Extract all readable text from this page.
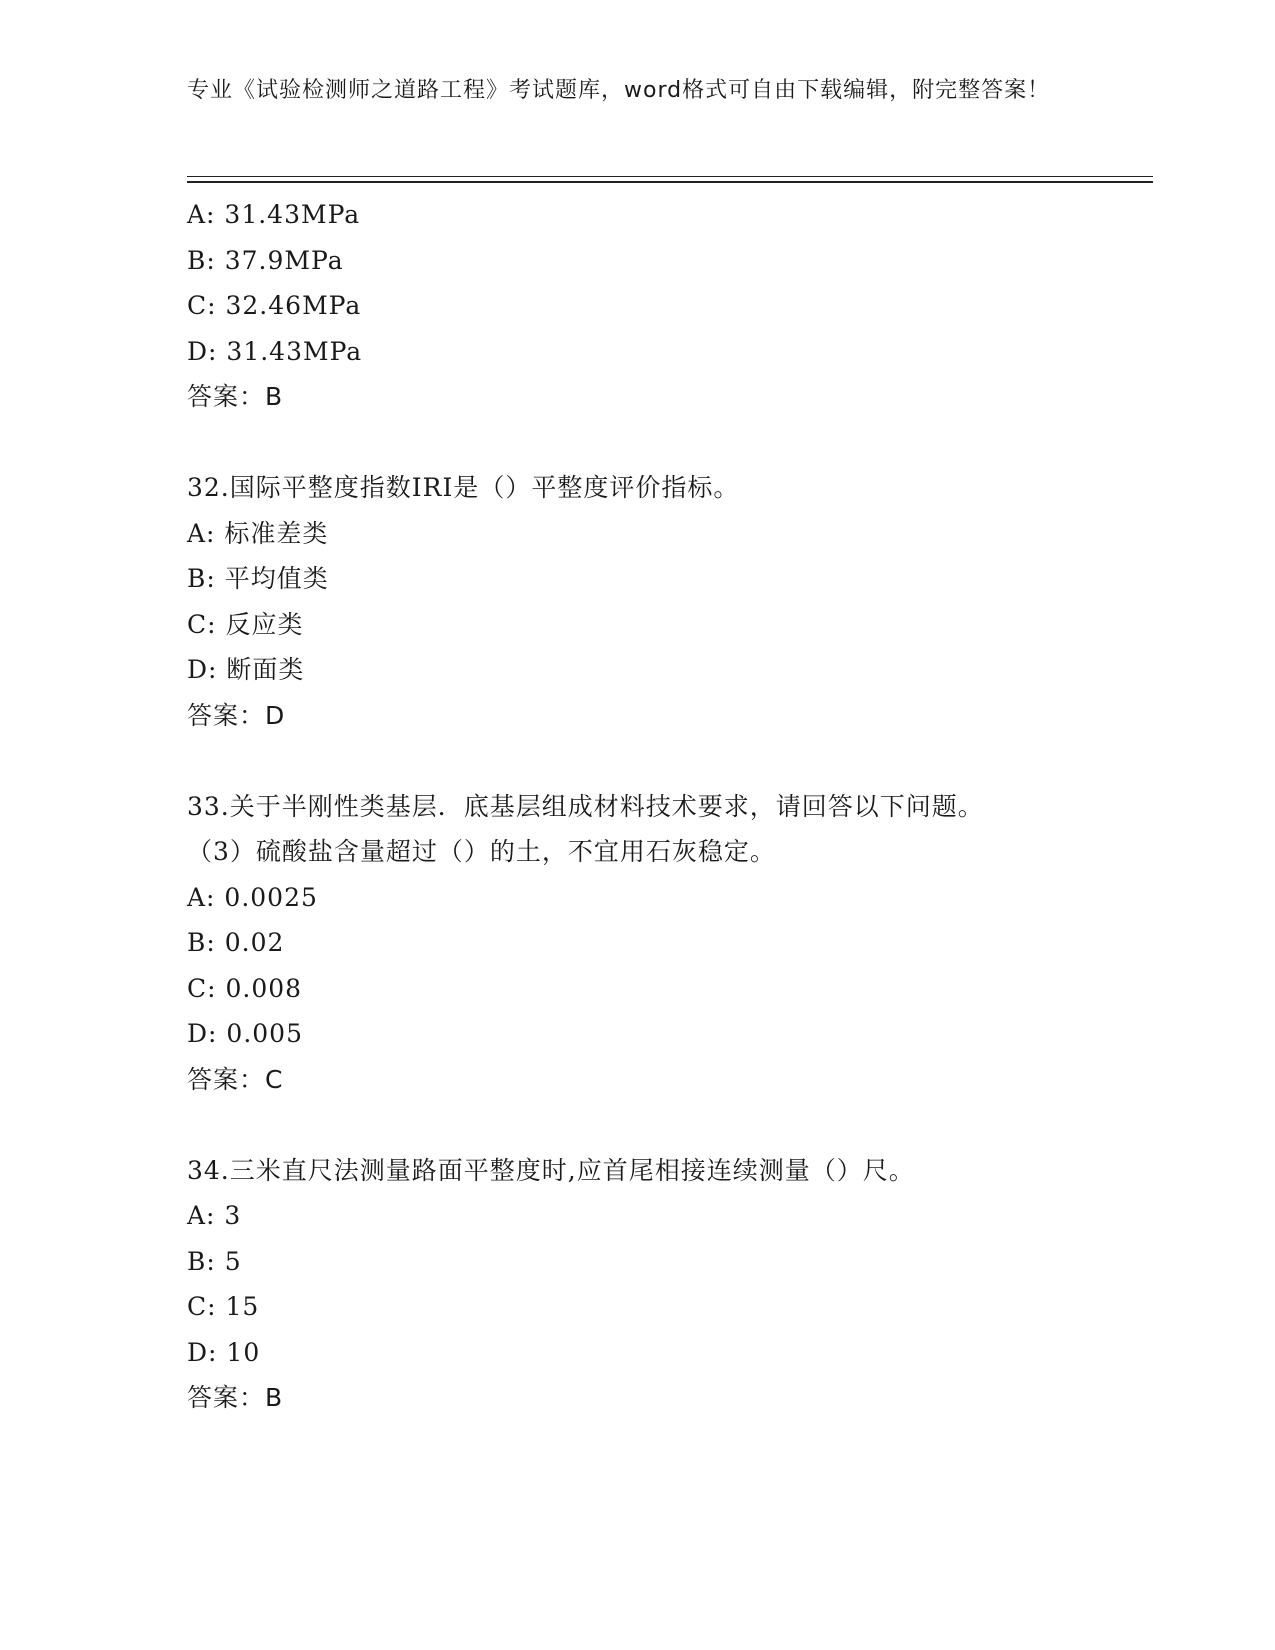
专业《试验检测师之道路工程》考试题库，word格式可自由下载编辑，附完整答案！
A: 31.43MPa
B: 37.9MPa
C: 32.46MPa
D: 31.43MPa
答案：B
32.国际平整度指数IRI是（）平整度评价指标。
A: 标准差类
B: 平均值类
C: 反应类
D: 断面类
答案：D
33.关于半刚性类基层．底基层组成材料技术要求，请回答以下问题。
（3）硫酸盐含量超过（）的土，不宜用石灰稳定。
A: 0.0025
B: 0.02
C: 0.008
D: 0.005
答案：C
34.三米直尺法测量路面平整度时,应首尾相接连续测量（）尺。
A: 3
B: 5
C: 15
D: 10
答案：B
